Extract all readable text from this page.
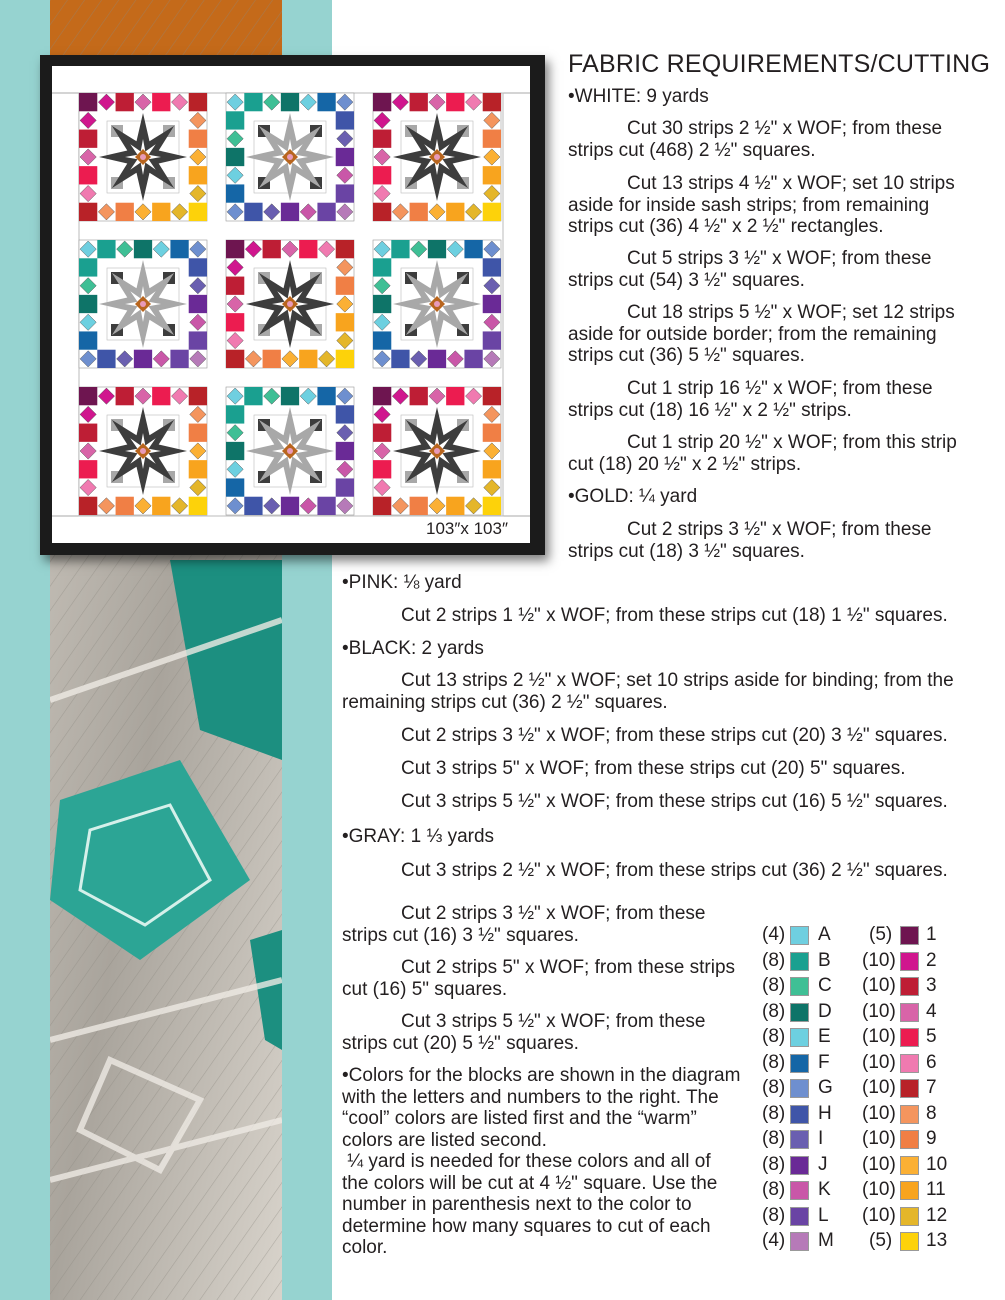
103″x 103″
FABRIC REQUIREMENTS/CUTTING

•WHITE: 9 yards

Cut 30 strips 2 ½" x WOF; from these strips cut (468) 2 ½" squares.

Cut 13 strips 4 ½" x WOF; set 10 strips aside for inside sash strips; from remaining strips cut (36) 4 ½" x 2 ½" rectangles.

Cut 5 strips 3 ½" x WOF; from these strips cut (54) 3 ½" squares.

Cut 18 strips 5 ½" x WOF; set 12 strips aside for outside border; from the remaining strips cut (36) 5 ½" squares.

Cut 1 strip 16 ½" x WOF; from these strips cut (18) 16 ½" x 2 ½" strips.

Cut 1 strip 20 ½" x WOF; from this strip cut (18) 20 ½" x 2 ½" strips.

•GOLD: ¼ yard

Cut 2 strips 3 ½" x WOF; from these strips cut (18) 3 ½" squares.

•PINK: ⅛ yard

Cut 2 strips 1 ½" x WOF; from these strips cut (18) 1 ½" squares.

•BLACK: 2 yards

Cut 13 strips 2 ½" x WOF; set 10 strips aside for binding; from the remaining strips cut (36) 2 ½" squares.

Cut 2 strips 3 ½" x WOF; from these strips cut (20) 3 ½" squares.

Cut 3 strips 5" x WOF; from these strips cut (20) 5" squares.

Cut 3 strips 5 ½" x WOF; from these strips cut (16) 5 ½" squares.

•GRAY: 1 ⅓ yards

Cut 3 strips 2 ½" x WOF; from these strips cut (36) 2 ½" squares.

Cut 2 strips 3 ½" x WOF; from these strips cut (16) 3 ½" squares.

Cut 2 strips 5" x WOF; from these strips cut (16) 5" squares.

Cut 3 strips 5 ½" x WOF; from these strips cut (20) 5 ½" squares.

•Colors for the blocks are shown in the diagram with the letters and numbers to the right. The “cool” colors are listed first and the “warm” colors are listed second.

¼ yard is needed for these colors and all of the colors will be cut at 4 ½" square. Use the number in parenthesis next to the color to determine how many squares to cut of each color.

(4) A
(8) B
(8) C
(8) D
(8) E
(8) F
(8) G
(8) H
(8) I
(8) J
(8) K
(8) L
(4) M
(5) 1
(10) 2
(10) 3
(10) 4
(10) 5
(10) 6
(10) 7
(10) 8
(10) 9
(10) 10
(10) 11
(10) 12
(5) 13
